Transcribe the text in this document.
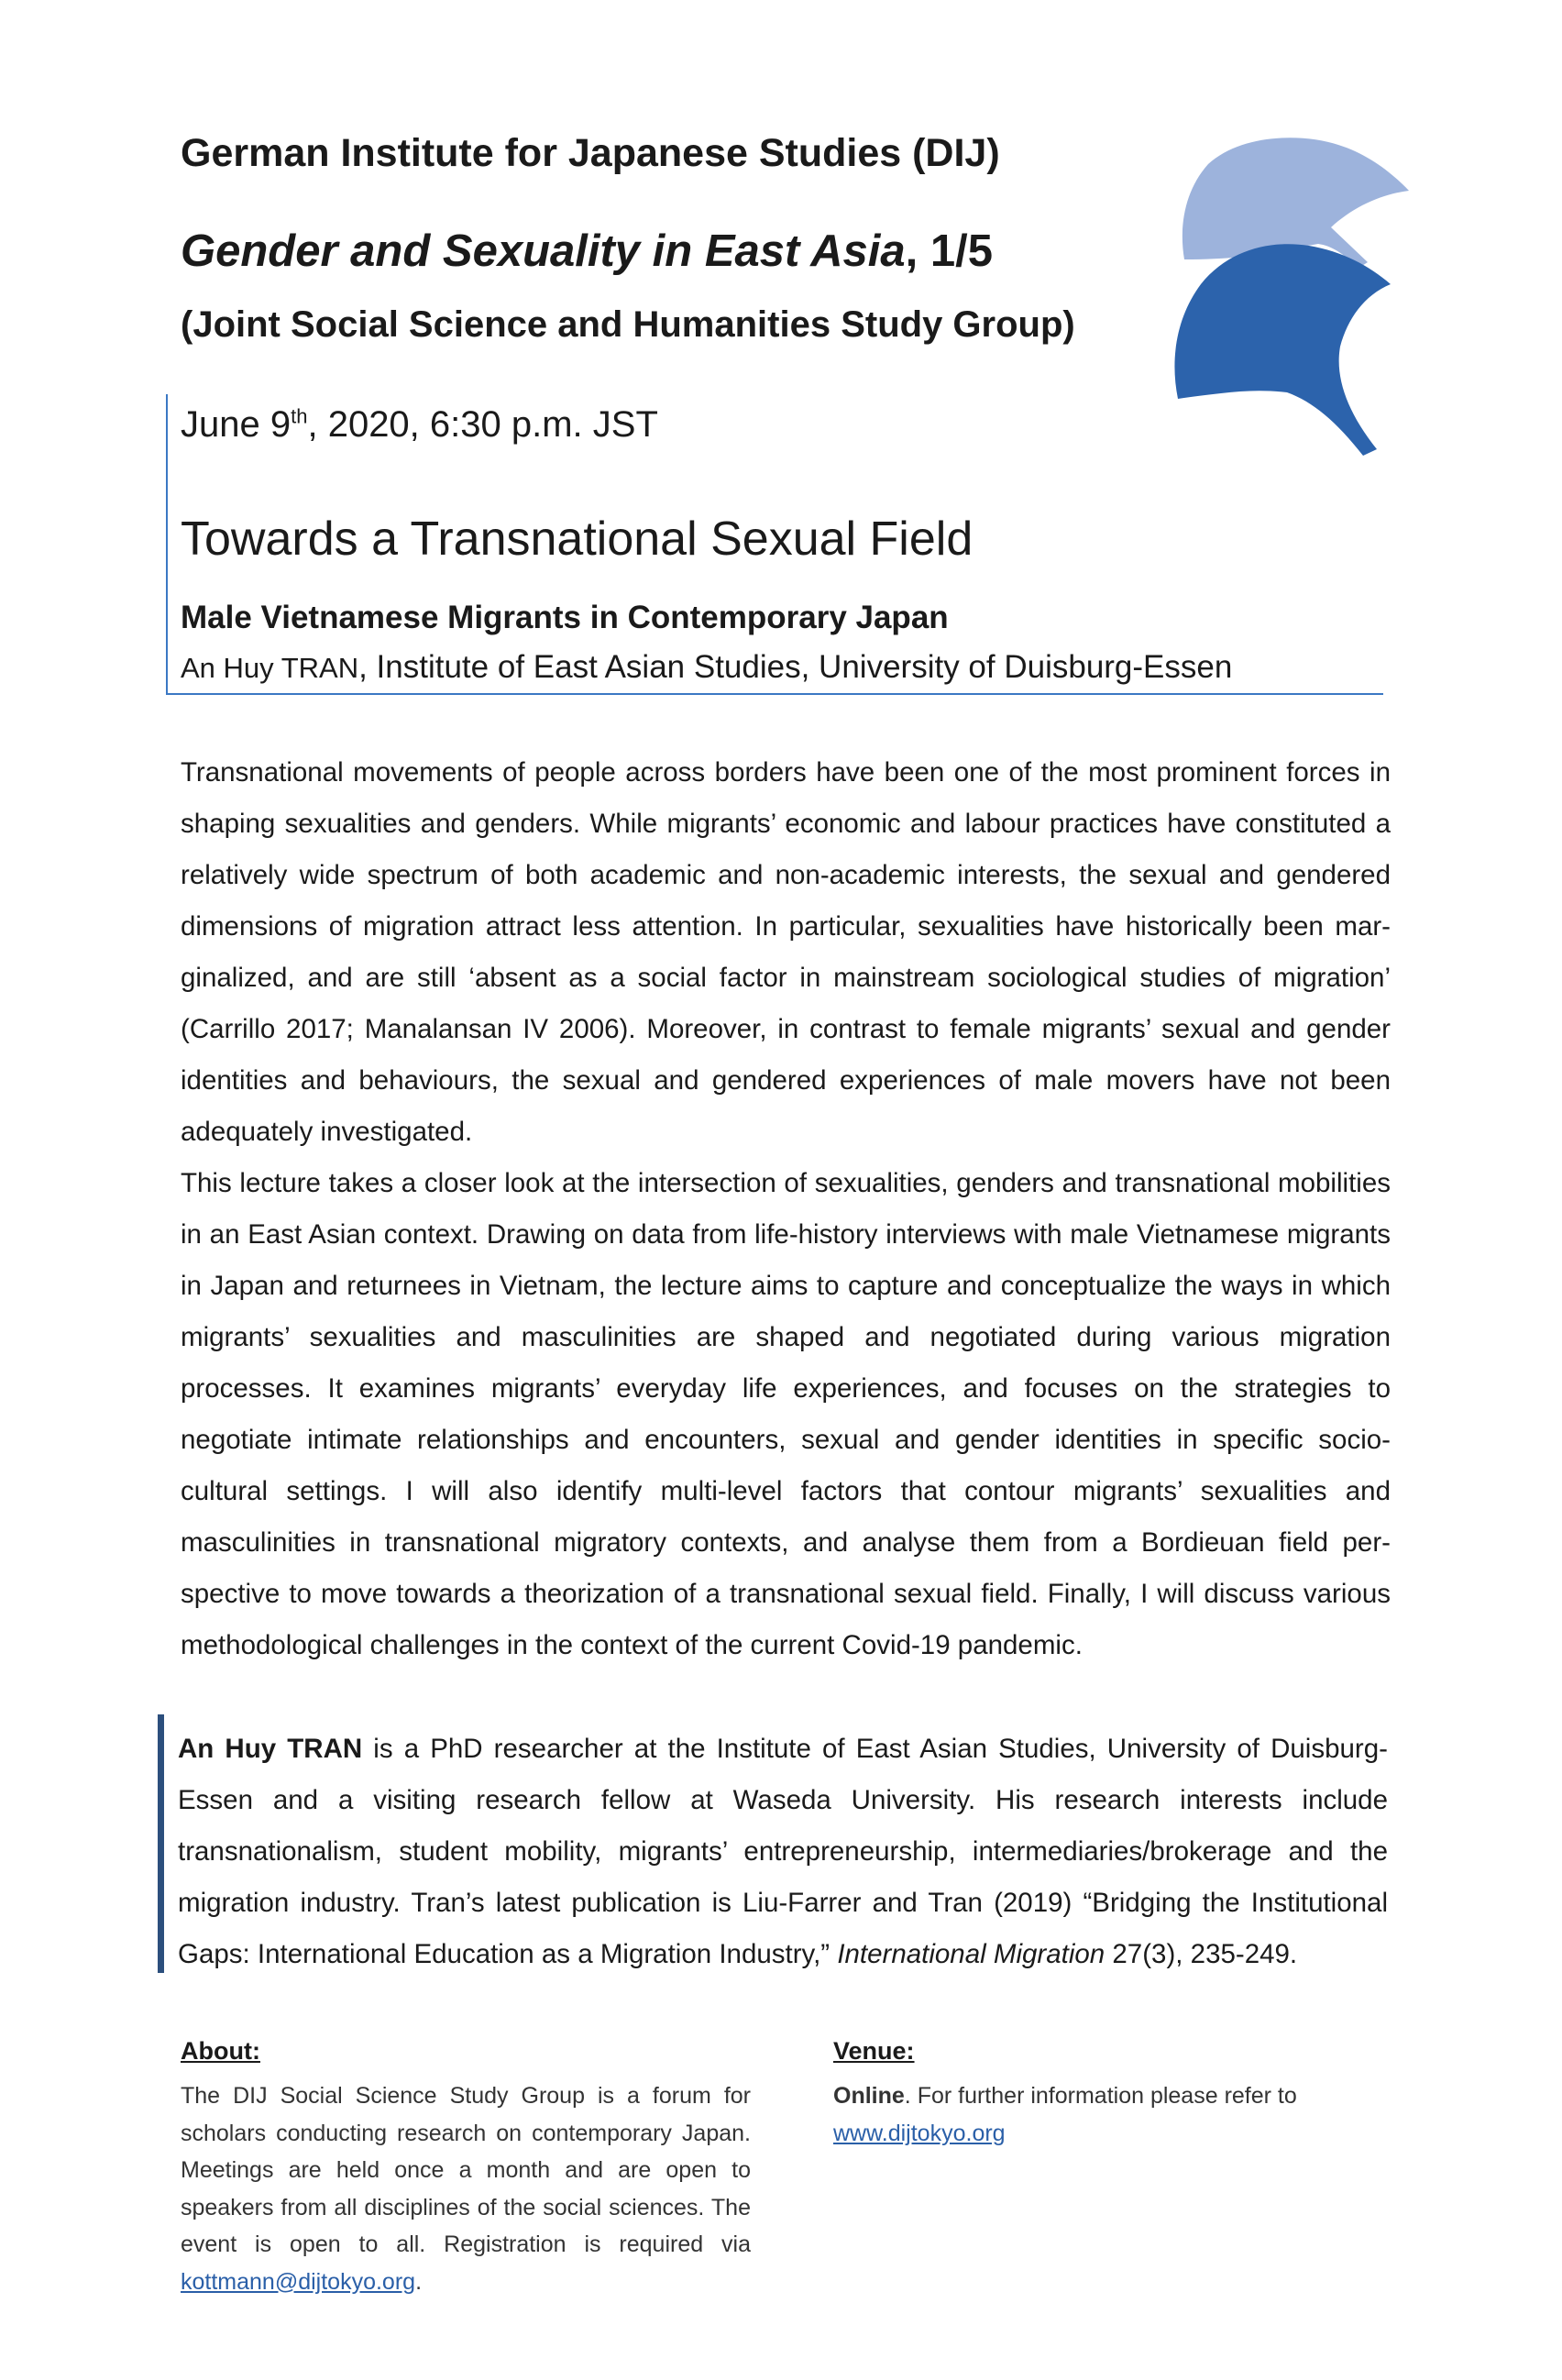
German Institute for Japanese Studies (DIJ)
Gender and Sexuality in East Asia, 1/5
(Joint Social Science and Humanities Study Group)
June 9th, 2020, 6:30 p.m. JST
Towards a Transnational Sexual Field
Male Vietnamese Migrants in Contemporary Japan
An Huy TRAN, Institute of East Asian Studies, University of Duisburg-Essen
Transnational movements of people across borders have been one of the most prominent forces in shaping sexualities and genders. While migrants’ economic and labour practices have constituted a relatively wide spectrum of both academic and non-academic interests, the sexual and gendered dimensions of migration attract less attention. In particular, sexualities have historically been marginalized, and are still ‘absent as a social factor in mainstream sociological studies of migration’ (Carrillo 2017; Manalansan IV 2006). Moreover, in contrast to female migrants’ sexual and gender identities and behaviours, the sexual and gendered experiences of male movers have not been adequately investigated.
This lecture takes a closer look at the intersection of sexualities, genders and transnational mobilities in an East Asian context. Drawing on data from life-history interviews with male Vietnamese migrants in Japan and returnees in Vietnam, the lecture aims to capture and conceptualize the ways in which migrants’ sexualities and masculinities are shaped and negotiated during various migration processes. It examines migrants’ everyday life experiences, and focuses on the strategies to negotiate intimate relationships and encounters, sexual and gender identities in specific socio-cultural settings. I will also identify multi-level factors that contour migrants’ sexualities and masculinities in transnational migratory contexts, and analyse them from a Bordieuan field perspective to move towards a theorization of a transnational sexual field. Finally, I will discuss various methodological challenges in the context of the current Covid-19 pandemic.
An Huy TRAN is a PhD researcher at the Institute of East Asian Studies, University of Duisburg-Essen and a visiting research fellow at Waseda University. His research interests include transnationalism, student mobility, migrants’ entrepreneurship, intermediaries/brokerage and the migration industry. Tran’s latest publication is Liu-Farrer and Tran (2019) “Bridging the Institutional Gaps: International Education as a Migration Industry,” International Migration 27(3), 235-249.
About:
The DIJ Social Science Study Group is a forum for scholars conducting research on contemporary Japan. Meetings are held once a month and are open to speakers from all disciplines of the social sciences. The event is open to all. Registration is required via kottmann@dijtokyo.org.
Venue:
Online. For further information please refer to www.dijtokyo.org
